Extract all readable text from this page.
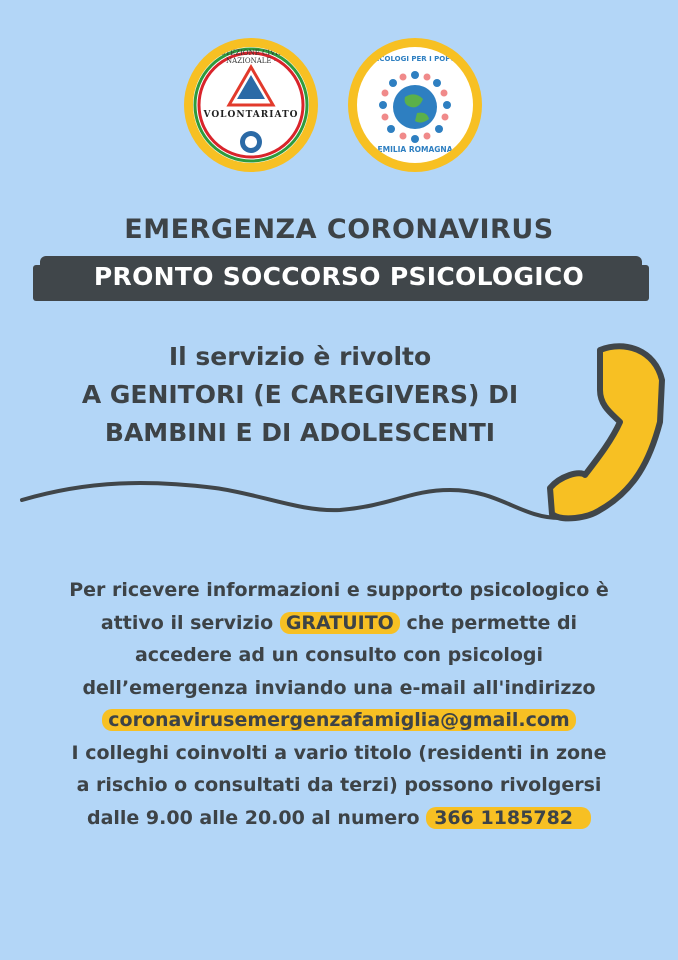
PROTEZIONE CIVILE · NAZIONALE ·
VOLONTARIATO
PSICOLOGI PER I POPOLI
EMILIA ROMAGNA
EMERGENZA CORONAVIRUS
PRONTO SOCCORSO PSICOLOGICO
Il servizio è rivolto
A GENITORI (E CAREGIVERS) DI
BAMBINI E DI ADOLESCENTI
Per ricevere informazioni e supporto psicologico è
attivo il servizio GRATUITO che permette di
accedere ad un consulto con psicologi
dell’emergenza inviando una e-mail all'indirizzo
coronavirusemergenzafamiglia@gmail.com
I colleghi coinvolti a vario titolo (residenti in zone
a rischio o consultati da terzi) possono rivolgersi
dalle 9.00 alle 20.00 al numero 366 1185782
